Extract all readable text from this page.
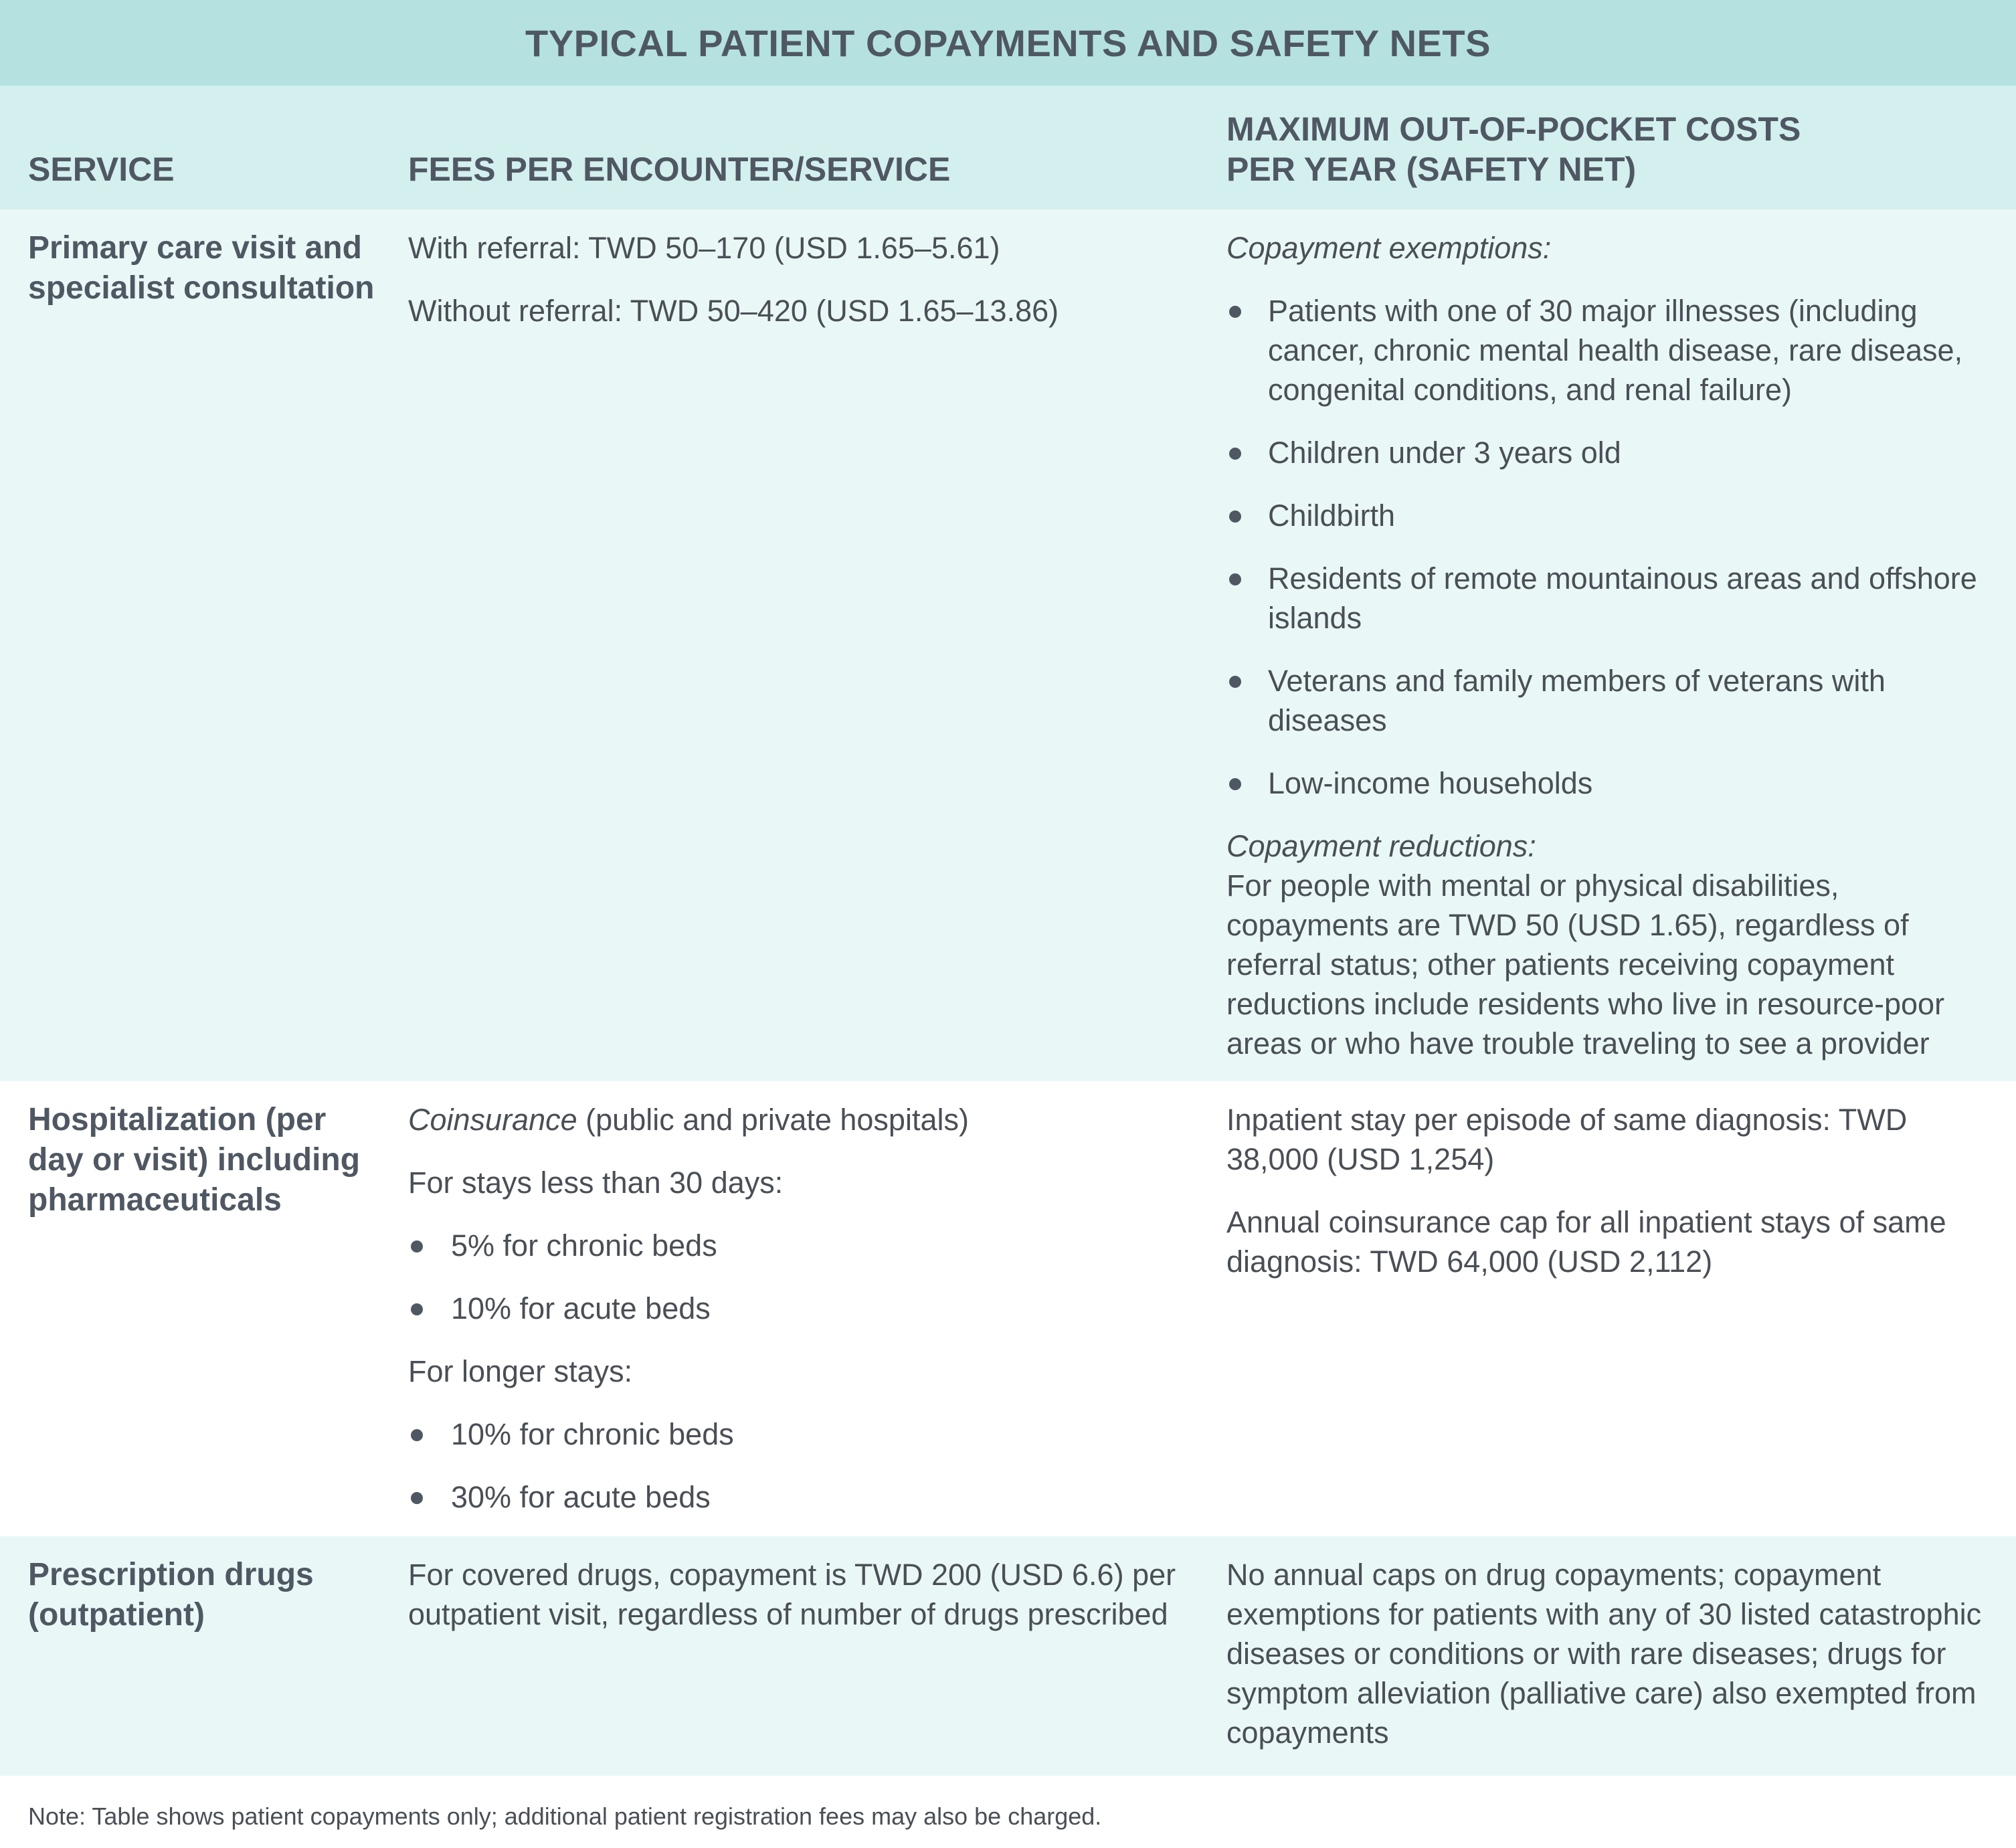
TYPICAL PATIENT COPAYMENTS AND SAFETY NETS
SERVICE	FEES PER ENCOUNTER/SERVICE
MAXIMUM OUT-OF-POCKET COSTS
PER YEAR (SAFETY NET)
Primary care visit and specialist consultation

With referral: TWD 50–170 (USD 1.65–5.61)

Without referral: TWD 50–420 (USD 1.65–13.86)

Copayment exemptions:

Patients with one of 30 major illnesses (including cancer, chronic mental health disease, rare disease, congenital conditions, and renal failure)
Children under 3 years old
Childbirth
Residents of remote mountainous areas and offshore islands
Veterans and family members of veterans with diseases
Low-income households
Copayment reductions:
For people with mental or physical disabilities, copayments are TWD 50 (USD 1.65), regardless of referral status; other patients receiving copayment reductions include residents who live in resource-poor areas or who have trouble traveling to see a provider
Hospitalization (per day or visit) including pharmaceuticals

Coinsurance (public and private hospitals)

For stays less than 30 days:

5% for chronic beds
10% for acute beds

For longer stays:

10% for chronic beds
30% for acute beds

Inpatient stay per episode of same diagnosis: TWD 38,000 (USD 1,254)

Annual coinsurance cap for all inpatient stays of same diagnosis: TWD 64,000 (USD 2,112)

Prescription drugs (outpatient)
For covered drugs, copayment is TWD 200 (USD 6.6) per outpatient visit, regardless of number of drugs prescribed
No annual caps on drug copayments; copayment exemptions for patients with any of 30 listed catastrophic diseases or conditions or with rare diseases; drugs for symptom alleviation (palliative care) also exempted from copayments
Note: Table shows patient copayments only; additional patient registration fees may also be charged.
